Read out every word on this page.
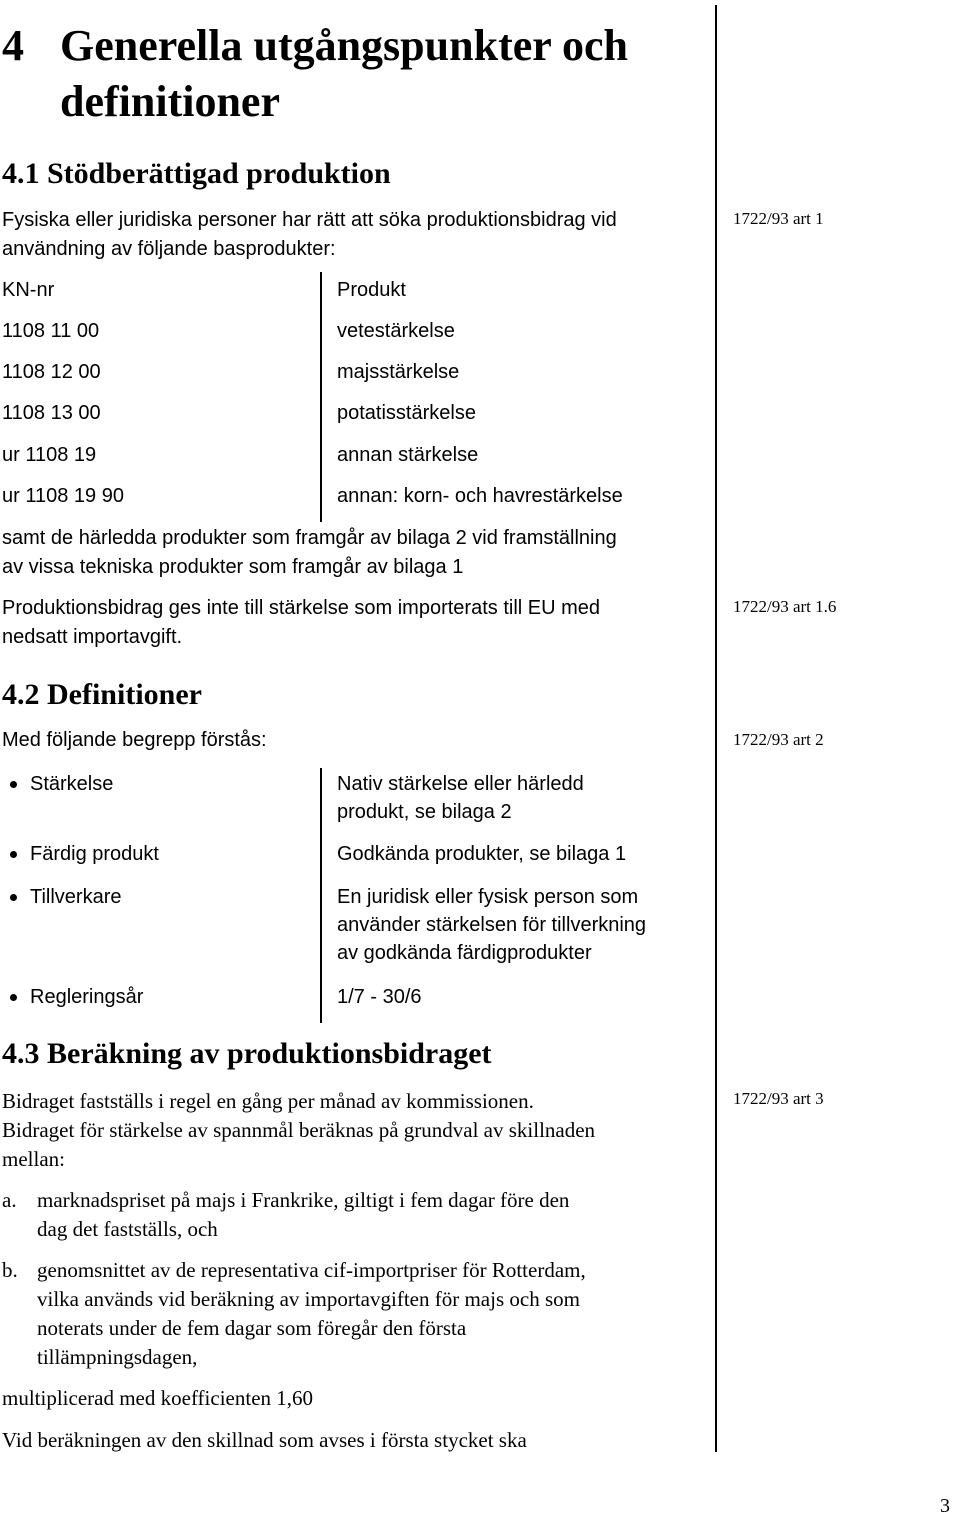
4 Generella utgångspunkter och
definitioner
4.1 Stödberättigad produktion
Fysiska eller juridiska personer har rätt att söka produktionsbidrag vid
användning av följande basprodukter:
1722/93 art 1
KN-nr	Produkt
1108 11 00	vetestärkelse
1108 12 00	majsstärkelse
1108 13 00	potatisstärkelse
ur 1108 19	annan stärkelse
ur 1108 19 90	annan: korn- och havrestärkelse
samt de härledda produkter som framgår av bilaga 2 vid framställning
av vissa tekniska produkter som framgår av bilaga 1
Produktionsbidrag ges inte till stärkelse som importerats till EU med
nedsatt importavgift.
1722/93 art 1.6
4.2 Definitioner
Med följande begrepp förstås:	1722/93 art 2
Stärkelse	Nativ stärkelse eller härledd
produkt, se bilaga 2
Färdig produkt	Godkända produkter, se bilaga 1
Tillverkare	En juridisk eller fysisk person som
använder stärkelsen för tillverkning
av godkända färdigprodukter
Regleringsår	1/7 - 30/6
4.3 Beräkning av produktionsbidraget
Bidraget fastställs i regel en gång per månad av kommissionen.
Bidraget för stärkelse av spannmål beräknas på grundval av skillnaden
mellan:
1722/93 art 3
a. marknadspriset på majs i Frankrike, giltigt i fem dagar före den
dag det fastställs, och
b. genomsnittet av de representativa cif-importpriser för Rotterdam,
vilka används vid beräkning av importavgiften för majs och som
noterats under de fem dagar som föregår den första
tillämpningsdagen,
multiplicerad med koefficienten 1,60
Vid beräkningen av den skillnad som avses i första stycket ska
3
